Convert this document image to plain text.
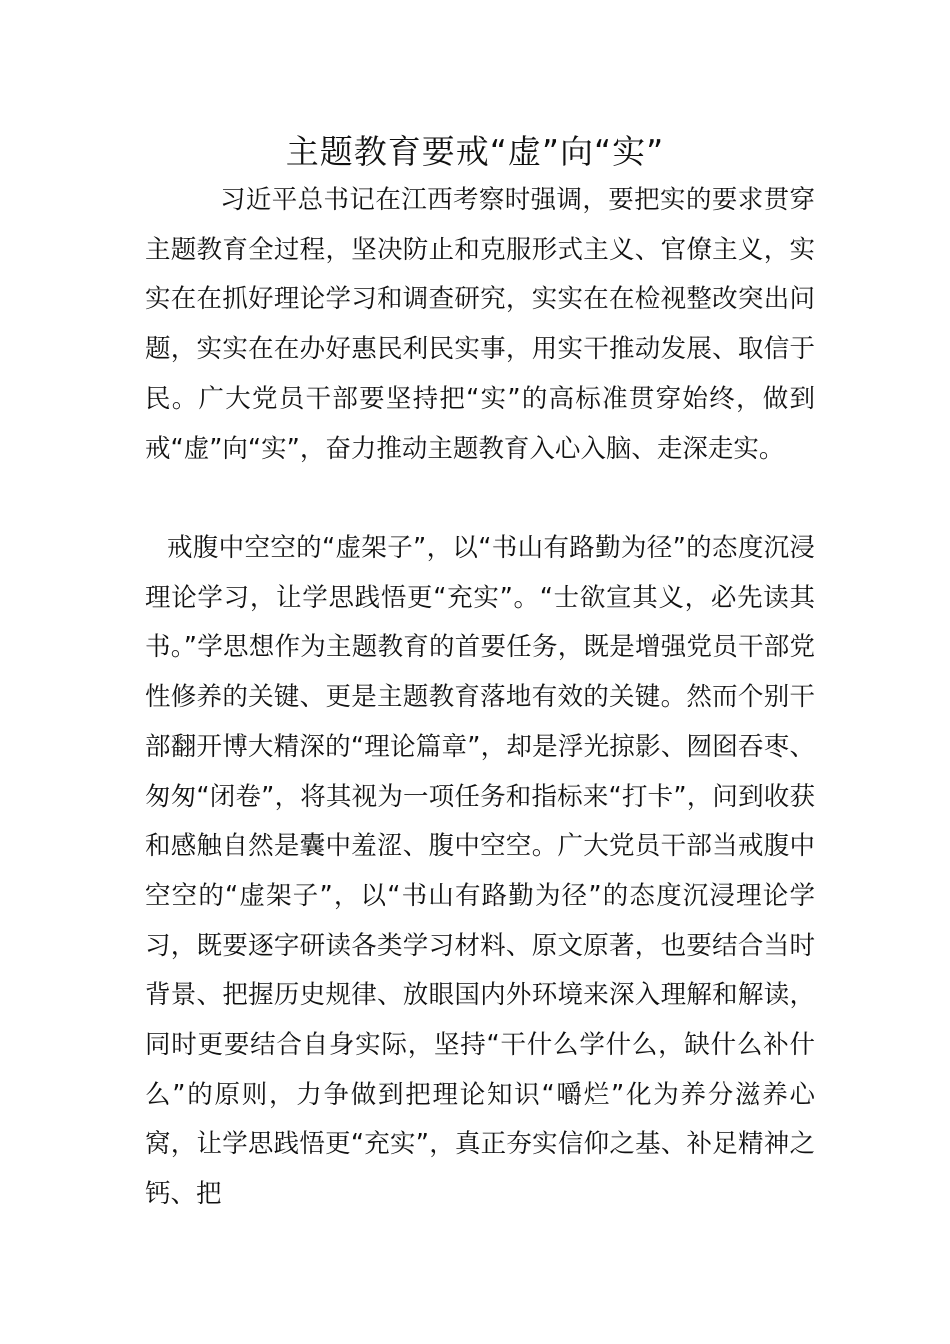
主题教育要戒“虚”向“实”

习近平总书记在江西考察时强调，要把实的要求贯穿主题教育全过程，坚决防止和克服形式主义、官僚主义，实实在在抓好理论学习和调查研究，实实在在检视整改突出问题，实实在在办好惠民利民实事，用实干推动发展、取信于民。广大党员干部要坚持把“实”的高标准贯穿始终，做到戒“虚”向“实”，奋力推动主题教育入心入脑、走深走实。

戒腹中空空的“虚架子”，以“书山有路勤为径”的态度沉浸理论学习，让学思践悟更“充实”。“士欲宣其义，必先读其书。”学思想作为主题教育的首要任务，既是增强党员干部党性修养的关键、更是主题教育落地有效的关键。然而个别干部翻开博大精深的“理论篇章”，却是浮光掠影、囫囵吞枣、匆匆“闭卷”，将其视为一项任务和指标来“打卡”，问到收获和感触自然是囊中羞涩、腹中空空。广大党员干部当戒腹中空空的“虚架子”，以“书山有路勤为径”的态度沉浸理论学习，既要逐字研读各类学习材料、原文原著，也要结合当时背景、把握历史规律、放眼国内外环境来深入理解和解读，同时更要结合自身实际，坚持“干什么学什么，缺什么补什么”的原则，力争做到把理论知识“嚼烂”化为养分滋养心窝，让学思践悟更“充实”，真正夯实信仰之基、补足精神之钙、把
